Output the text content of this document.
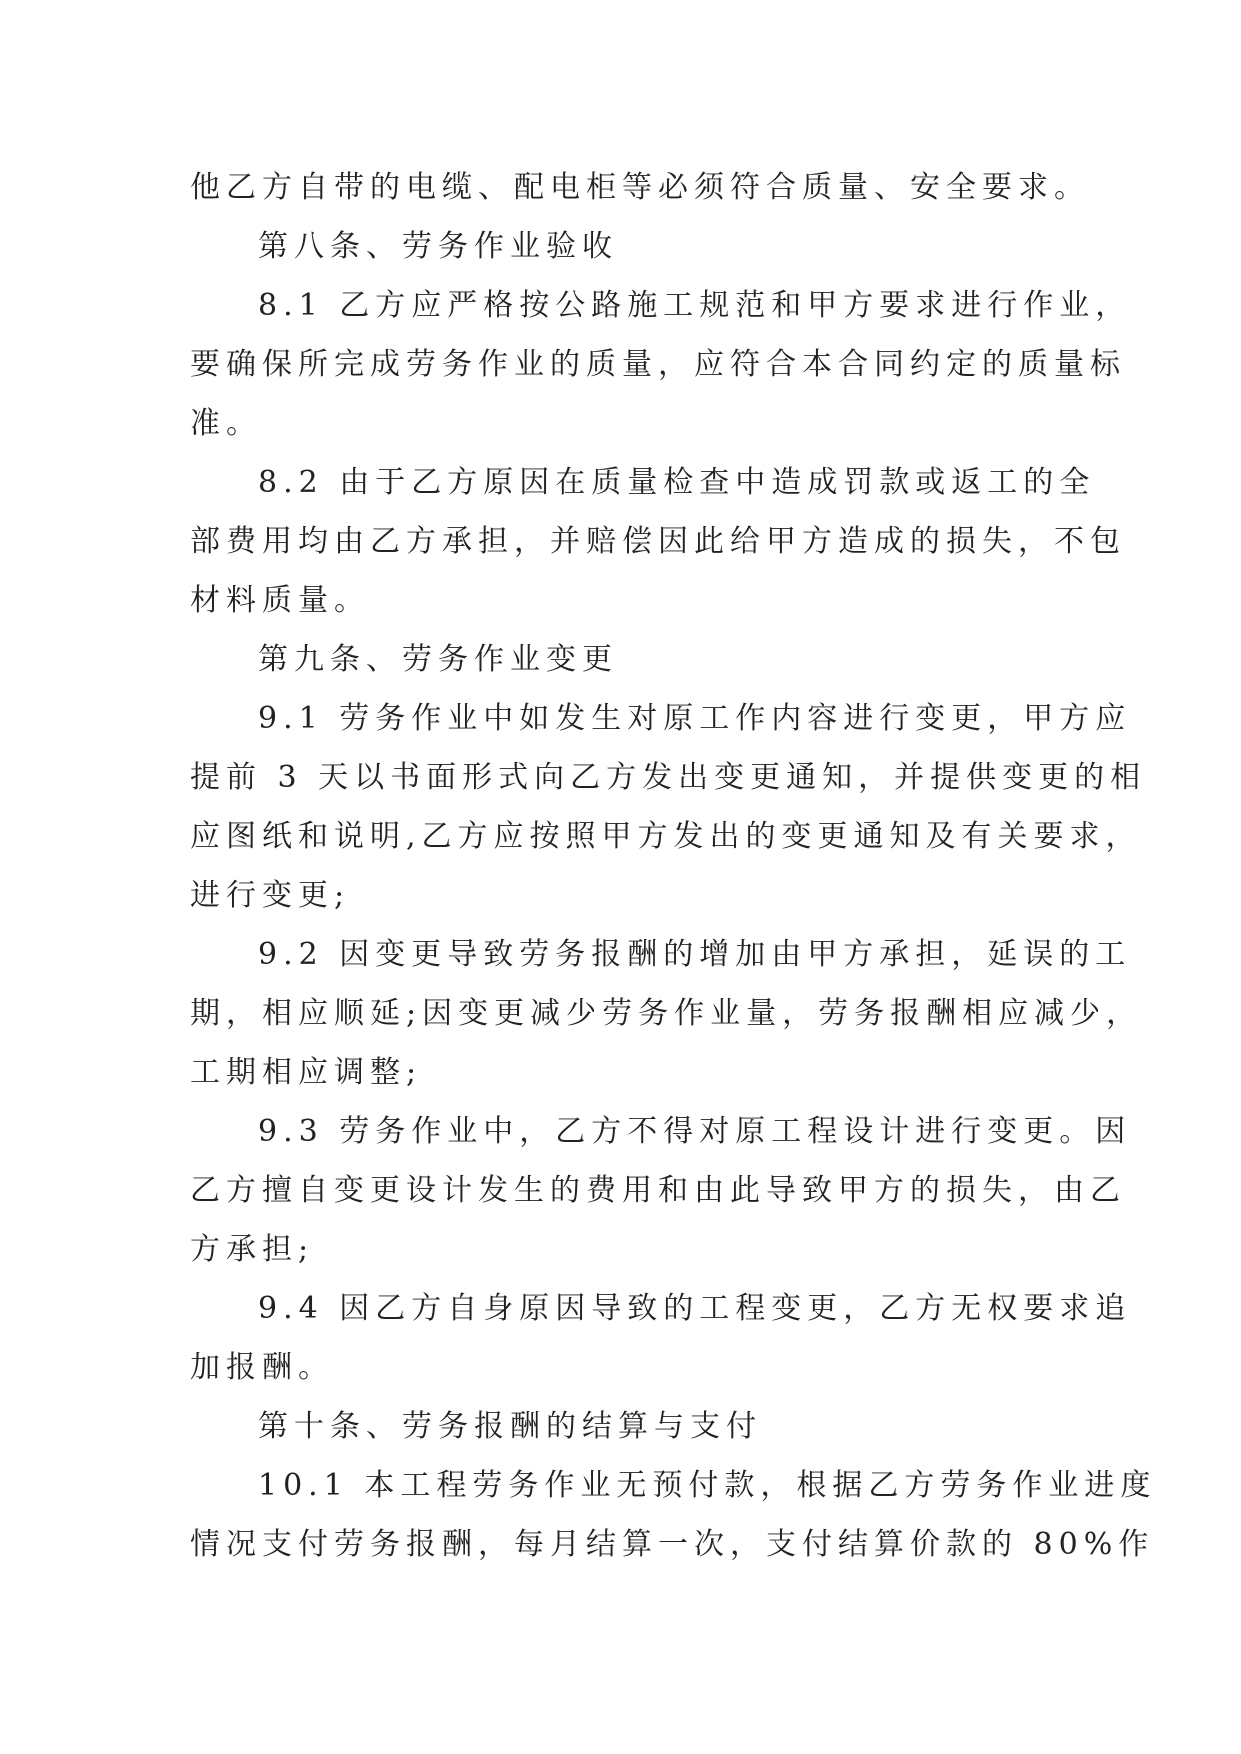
他乙方自带的电缆、配电柜等必须符合质量、安全要求。
第八条、劳务作业验收
8.1 乙方应严格按公路施工规范和甲方要求进行作业，
要确保所完成劳务作业的质量，应符合本合同约定的质量标
准。
8.2 由于乙方原因在质量检查中造成罚款或返工的全
部费用均由乙方承担，并赔偿因此给甲方造成的损失，不包
材料质量。
第九条、劳务作业变更
9.1 劳务作业中如发生对原工作内容进行变更，甲方应
提前 3 天以书面形式向乙方发出变更通知，并提供变更的相
应图纸和说明,乙方应按照甲方发出的变更通知及有关要求，
进行变更;
9.2 因变更导致劳务报酬的增加由甲方承担，延误的工
期，相应顺延;因变更减少劳务作业量，劳务报酬相应减少，
工期相应调整;
9.3 劳务作业中，乙方不得对原工程设计进行变更。因
乙方擅自变更设计发生的费用和由此导致甲方的损失，由乙
方承担;
9.4 因乙方自身原因导致的工程变更，乙方无权要求追
加报酬。
第十条、劳务报酬的结算与支付
10.1 本工程劳务作业无预付款，根据乙方劳务作业进度
情况支付劳务报酬，每月结算一次，支付结算价款的 80%作
